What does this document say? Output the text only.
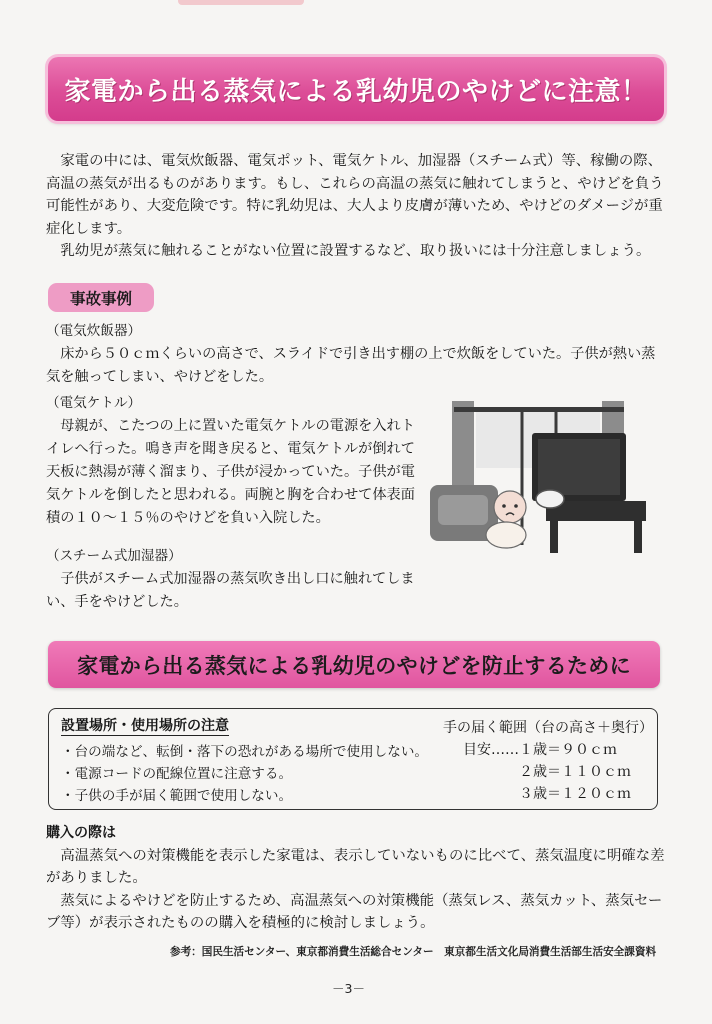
家電から出る蒸気による乳幼児のやけどに注意！

家電の中には、電気炊飯器、電気ポット、電気ケトル、加湿器（スチーム式）等、稼働の際、高温の蒸気が出るものがあります。もし、これらの高温の蒸気に触れてしまうと、やけどを負う可能性があり、大変危険です。特に乳幼児は、大人より皮膚が薄いため、やけどのダメージが重症化します。

乳幼児が蒸気に触れることがない位置に設置するなど、取り扱いには十分注意しましょう。

事故事例
（電気炊飯器）

床から５０ｃｍくらいの高さで、スライドで引き出す棚の上で炊飯をしていた。子供が熱い蒸気を触ってしまい、やけどをした。

（電気ケトル）

母親が、こたつの上に置いた電気ケトルの電源を入れトイレへ行った。鳴き声を聞き戻ると、電気ケトルが倒れて天板に熱湯が薄く溜まり、子供が浸かっていた。子供が電気ケトルを倒したと思われる。両腕と胸を合わせて体表面積の１０～１５％のやけどを負い入院した。

（スチーム式加湿器）

子供がスチーム式加湿器の蒸気吹き出し口に触れてしまい、手をやけどした。

家電から出る蒸気による乳幼児のやけどを防止するために
設置場所・使用場所の注意
・台の端など、転倒・落下の恐れがある場所で使用しない。
・電源コードの配線位置に注意する。
・子供の手が届く範囲で使用しない。
手の届く範囲（台の高さ＋奥行）
目安……１歳＝９０ｃｍ
２歳＝１１０ｃｍ
３歳＝１２０ｃｍ
購入の際は

高温蒸気への対策機能を表示した家電は、表示していないものに比べて、蒸気温度に明確な差がありました。

蒸気によるやけどを防止するため、高温蒸気への対策機能（蒸気レス、蒸気カット、蒸気セーブ等）が表示されたものの購入を積極的に検討しましょう。

参考：国民生活センター、東京都消費生活総合センター　東京都生活文化局消費生活部生活安全課資料
－3－
